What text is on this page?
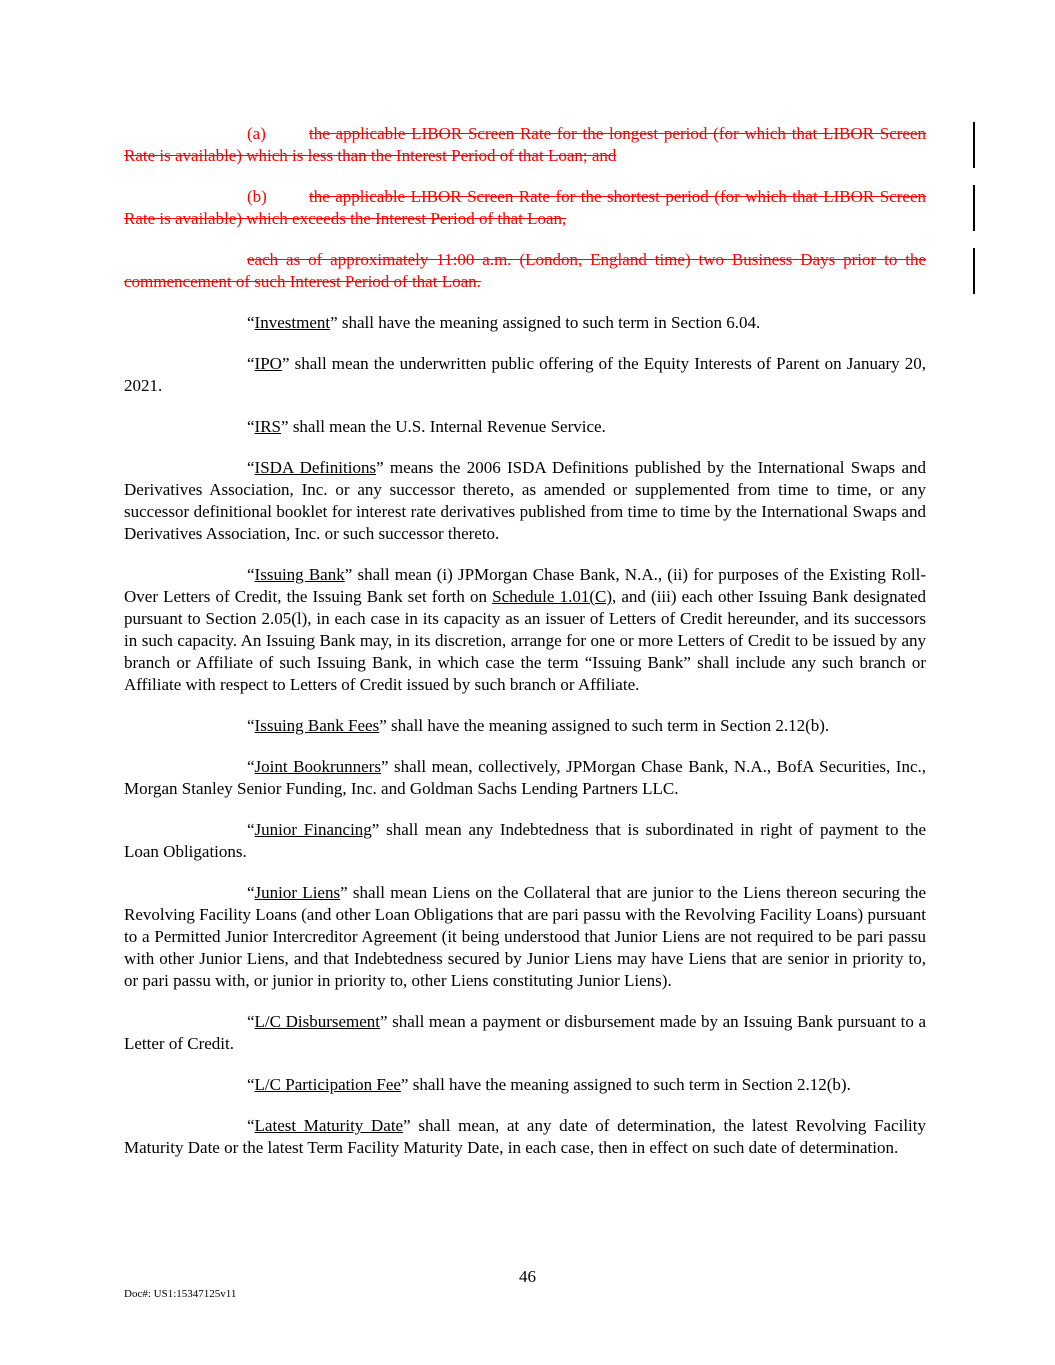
(a)	the applicable LIBOR Screen Rate for the longest period (for which that LIBOR Screen Rate is available) which is less than the Interest Period of that Loan; and

(b) the applicable LIBOR Screen Rate for the shortest period (for which that LIBOR Screen Rate is available) which exceeds the Interest Period of that Loan,

each as of approximately 11:00 a.m. (London, England time) two Business Days prior to the commencement of such Interest Period of that Loan.

“Investment” shall have the meaning assigned to such term in Section 6.04.

“IPO” shall mean the underwritten public offering of the Equity Interests of Parent on January 20, 2021.

“IRS” shall mean the U.S. Internal Revenue Service.

“ISDA Definitions” means the 2006 ISDA Definitions published by the International Swaps and Derivatives Association, Inc. or any successor thereto, as amended or supplemented from time to time, or any successor definitional booklet for interest rate derivatives published from time to time by the International Swaps and Derivatives Association, Inc. or such successor thereto.

“Issuing Bank” shall mean (i) JPMorgan Chase Bank, N.A., (ii) for purposes of the Existing Roll-Over Letters of Credit, the Issuing Bank set forth on Schedule 1.01(C), and (iii) each other Issuing Bank designated pursuant to Section 2.05(l), in each case in its capacity as an issuer of Letters of Credit hereunder, and its successors in such capacity. An Issuing Bank may, in its discretion, arrange for one or more Letters of Credit to be issued by any branch or Affiliate of such Issuing Bank, in which case the term “Issuing Bank” shall include any such branch or Affiliate with respect to Letters of Credit issued by such branch or Affiliate.

“Issuing Bank Fees” shall have the meaning assigned to such term in Section 2.12(b).

“Joint Bookrunners” shall mean, collectively, JPMorgan Chase Bank, N.A., BofA Securities, Inc., Morgan Stanley Senior Funding, Inc. and Goldman Sachs Lending Partners LLC.

“Junior Financing” shall mean any Indebtedness that is subordinated in right of payment to the Loan Obligations.

“Junior Liens” shall mean Liens on the Collateral that are junior to the Liens thereon securing the Revolving Facility Loans (and other Loan Obligations that are pari passu with the Revolving Facility Loans) pursuant to a Permitted Junior Intercreditor Agreement (it being understood that Junior Liens are not required to be pari passu with other Junior Liens, and that Indebtedness secured by Junior Liens may have Liens that are senior in priority to, or pari passu with, or junior in priority to, other Liens constituting Junior Liens).

“L/C Disbursement” shall mean a payment or disbursement made by an Issuing Bank pursuant to a Letter of Credit.

“L/C Participation Fee” shall have the meaning assigned to such term in Section 2.12(b).

“Latest Maturity Date” shall mean, at any date of determination, the latest Revolving Facility Maturity Date or the latest Term Facility Maturity Date, in each case, then in effect on such date of determination.

46
Doc#: US1:15347125v11
